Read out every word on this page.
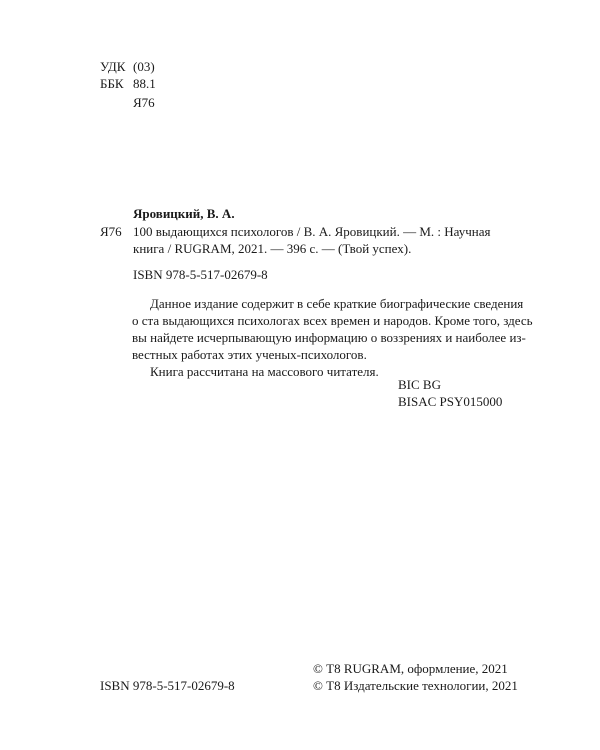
УДК (03)
ББК 88.1
Я76
Яровицкий, В. А.
Я76 100 выдающихся психологов / В. А. Яровицкий. — М. : Научная
книга / RUGRAM, 2021. — 396 с. — (Твой успех).
ISBN 978-5-517-02679-8
Данное издание содержит в себе краткие биографические сведения
о ста выдающихся психологах всех времен и народов. Кроме того, здесь
вы найдете исчерпывающую информацию о воззрениях и наиболее из-
вестных работах этих ученых-психологов.
Книга рассчитана на массового читателя.
BIC BG
BISAC PSY015000
© Т8 RUGRAM, оформление, 2021
ISBN 978-5-517-02679-8	© Т8 Издательские технологии, 2021
